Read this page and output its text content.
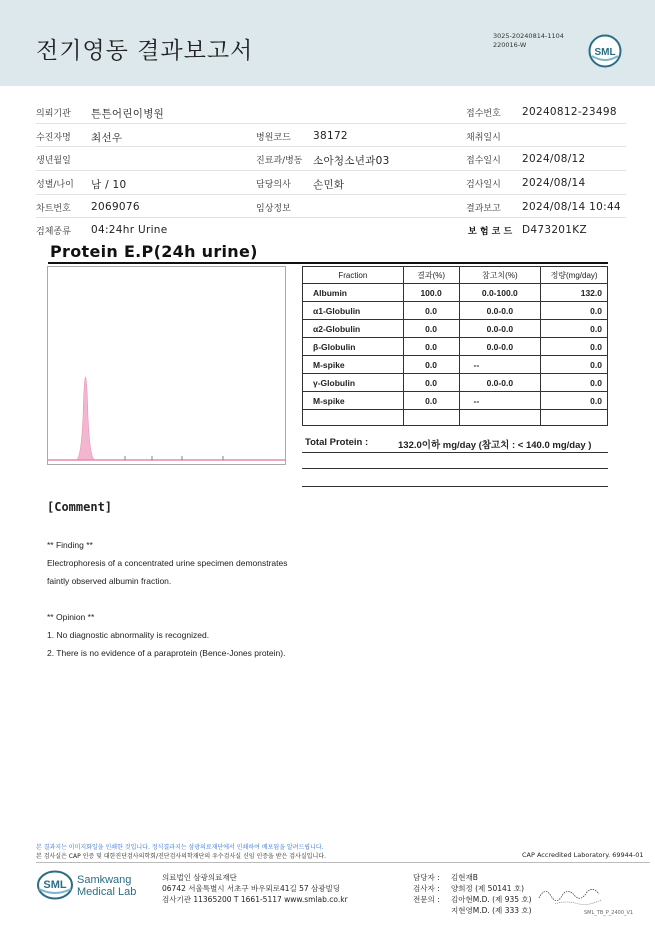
전기영동 결과보고서
3025-20240814-1104
220016-W
SML
의뢰기관 튼튼어린이병원	접수번호 20240812-23498
수진자명 최선우	병원코드 38172	채취일시
생년월일	진료과/병동 소아청소년과03	접수일시 2024/08/12
성별/나이 남 / 10	담당의사 손민화	검사일시 2024/08/14
차트번호 2069076	임상정보	결과보고 2024/08/14 10:44
검체종류 04:24hr Urine	보 험 코 드 D473201KZ
Protein E.P(24h urine)
Fraction	결과(%)	참고치(%)	정량(mg/day)
Albumin	100.0	0.0-100.0	132.0
α1-Globulin	0.0	0.0-0.0	0.0
α2-Globulin	0.0	0.0-0.0	0.0
β-Globulin	0.0	0.0-0.0	0.0
M-spike	0.0	--	0.0
γ-Globulin	0.0	0.0-0.0	0.0
M-spike	0.0	--	0.0

Total Protein :	132.0이하 mg/day (참고치 : < 140.0 mg/day )
[Comment]
** Finding **
Electrophoresis of a concentrated urine specimen demonstrates
faintly observed albumin fraction.
** Opinion **
1. No diagnostic abnormality is recognized.
2. There is no evidence of a paraprotein (Bence-Jones protein).
본 결과지는 이미지화일을 인쇄한 것입니다. 정식결과지는 삼광의료재단에서 인쇄하여 배포됨을 알려드립니다.
본 검사실은 CAP 인증 및 대한진단검사의학회/진단검사의학재단의 우수검사실 신임 인증을 받은 검사실입니다.	CAP Accredited Laboratory. 69944-01
SML Samkwang
Medical Lab
의료법인 삼광의료재단
06742 서울특별시 서초구 바우뫼로41길 57 삼광빌딩
검사기관 11365200 T 1661-5117 www.smlab.co.kr
담당자 : 김현재B
검사자 : 양희정 (제 50141 호)
전문의 : 김아현M.D. (제 935 호)
지현영M.D. (제 333 호)	SML_TB_P_2400_V1
